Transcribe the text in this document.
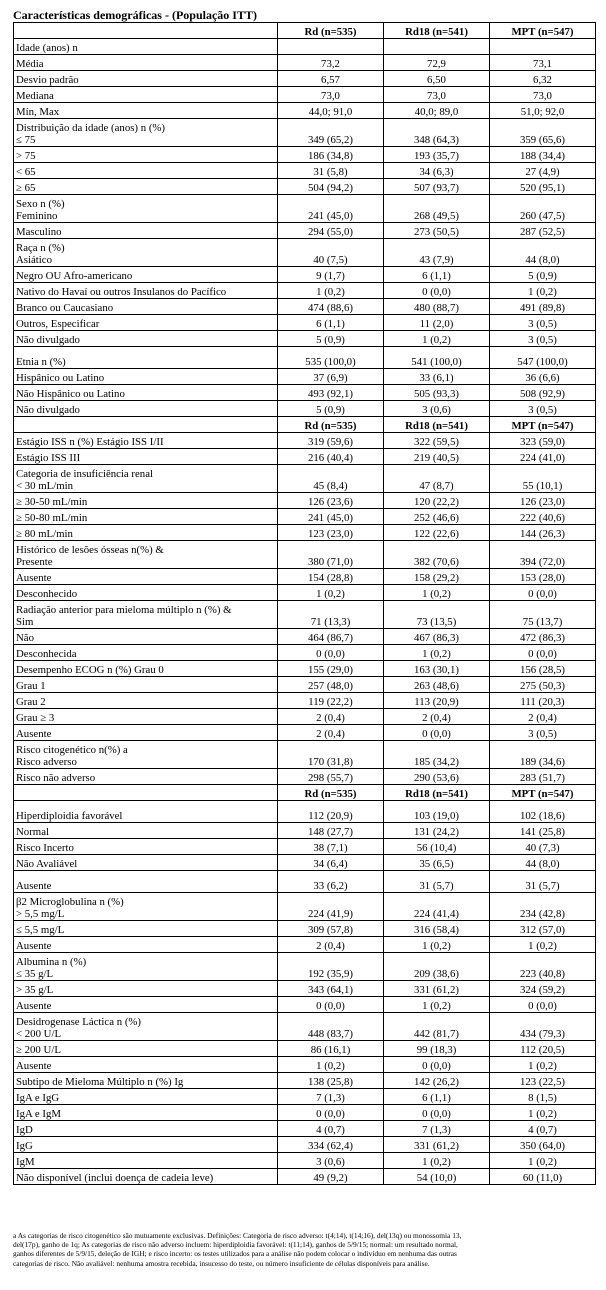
Características demográficas - (População ITT)
	Rd (n=535)	Rd18 (n=541)	MPT (n=547)
Idade (anos) n			
Média	73,2	72,9	73,1
Desvio padrão	6,57	6,50	6,32
Mediana	73,0	73,0	73,0
Mín, Max	44,0; 91,0	40,0; 89,0	51,0; 92,0
Distribuição da idade (anos) n (%)
≤ 75	349 (65,2)	348 (64,3)	359 (65,6)
> 75	186 (34,8)	193 (35,7)	188 (34,4)
< 65	31 (5,8)	34 (6,3)	27 (4,9)
≥ 65	504 (94,2)	507 (93,7)	520 (95,1)
Sexo n (%)
Feminino	241 (45,0)	268 (49,5)	260 (47,5)
Masculino	294 (55,0)	273 (50,5)	287 (52,5)
Raça n (%)
Asiático	40 (7,5)	43 (7,9)	44 (8,0)
Negro OU Afro-americano	9 (1,7)	6 (1,1)	5 (0,9)
Nativo do Havaí ou outros Insulanos do Pacífico	1 (0,2)	0 (0,0)	1 (0,2)
Branco ou Caucasiano	474 (88,6)	480 (88,7)	491 (89,8)
Outros, Especificar	6 (1,1)	11 (2,0)	3 (0,5)
Não divulgado	5 (0,9)	1 (0,2)	3 (0,5)
Etnia n (%)	535 (100,0)	541 (100,0)	547 (100,0)
Hispânico ou Latino	37 (6,9)	33 (6,1)	36 (6,6)
Não Hispânico ou Latino	493 (92,1)	505 (93,3)	508 (92,9)
Não divulgado	5 (0,9)	3 (0,6)	3 (0,5)
	Rd (n=535)	Rd18 (n=541)	MPT (n=547)
Estágio ISS n (%) Estágio ISS I/II	319 (59,6)	322 (59,5)	323 (59,0)
Estágio ISS III	216 (40,4)	219 (40,5)	224 (41,0)
Categoria de insuficiência renal
< 30 mL/min	45 (8,4)	47 (8,7)	55 (10,1)
≥ 30-50 mL/min	126 (23,6)	120 (22,2)	126 (23,0)
≥ 50-80 mL/min	241 (45,0)	252 (46,6)	222 (40,6)
≥ 80 mL/min	123 (23,0)	122 (22,6)	144 (26,3)
Histórico de lesões ósseas n(%) &
Presente	380 (71,0)	382 (70,6)	394 (72,0)
Ausente	154 (28,8)	158 (29,2)	153 (28,0)
Desconhecido	1 (0,2)	1 (0,2)	0 (0,0)
Radiação anterior para mieloma múltiplo n (%) &
Sim	71 (13,3)	73 (13,5)	75 (13,7)
Não	464 (86,7)	467 (86,3)	472 (86,3)
Desconhecida	0 (0,0)	1 (0,2)	0 (0,0)
Desempenho ECOG n (%) Grau 0	155 (29,0)	163 (30,1)	156 (28,5)
Grau 1	257 (48,0)	263 (48,6)	275 (50,3)
Grau 2	119 (22,2)	113 (20,9)	111 (20,3)
Grau ≥ 3	2 (0,4)	2 (0,4)	2 (0,4)
Ausente	2 (0,4)	0 (0,0)	3 (0,5)
Risco citogenético n(%) a
Risco adverso	170 (31,8)	185 (34,2)	189 (34,6)
Risco não adverso	298 (55,7)	290 (53,6)	283 (51,7)
	Rd (n=535)	Rd18 (n=541)	MPT (n=547)
Hiperdiploidia favorável	112 (20,9)	103 (19,0)	102 (18,6)
Normal	148 (27,7)	131 (24,2)	141 (25,8)
Risco Incerto	38 (7,1)	56 (10,4)	40 (7,3)
Não Avaliável	34 (6,4)	35 (6,5)	44 (8,0)
Ausente	33 (6,2)	31 (5,7)	31 (5,7)
β2 Microglobulina n (%)
> 5,5 mg/L	224 (41,9)	224 (41,4)	234 (42,8)
≤ 5,5 mg/L	309 (57,8)	316 (58,4)	312 (57,0)
Ausente	2 (0,4)	1 (0,2)	1 (0,2)
Albumina n (%)
≤ 35 g/L	192 (35,9)	209 (38,6)	223 (40,8)
> 35 g/L	343 (64,1)	331 (61,2)	324 (59,2)
Ausente	0 (0,0)	1 (0,2)	0 (0,0)
Desidrogenase Láctica n (%)
< 200 U/L	448 (83,7)	442 (81,7)	434 (79,3)
≥ 200 U/L	86 (16,1)	99 (18,3)	112 (20,5)
Ausente	1 (0,2)	0 (0,0)	1 (0,2)
Subtipo de Mieloma Múltiplo n (%) Ig	138 (25,8)	142 (26,2)	123 (22,5)
IgA e IgG	7 (1,3)	6 (1,1)	8 (1,5)
IgA e IgM	0 (0,0)	0 (0,0)	1 (0,2)
IgD	4 (0,7)	7 (1,3)	4 (0,7)
IgG	334 (62,4)	331 (61,2)	350 (64,0)
IgM	3 (0,6)	1 (0,2)	1 (0,2)
Não disponível (inclui doença de cadeia leve)	49 (9,2)	54 (10,0)	60 (11,0)
a As categorias de risco citogenético são mutuamente exclusivas. Definições: Categoria de risco adverso: t(4;14), t(14;16), del(13q) ou monossomia 13,
del(17p), ganho de 1q; As categorias de risco não adverso incluem: hiperdiploidia favorável: t(11;14), ganhos de 5/9/15; normal: um resultado normal,
ganhos diferentes de 5/9/15, deleção de IGH; e risco incerto: os testes utilizados para a análise não podem colocar o indivíduo em nenhuma das outras
categorias de risco. Não avaliável: nenhuma amostra recebida, insucesso do teste, ou número insuficiente de células disponíveis para análise.
